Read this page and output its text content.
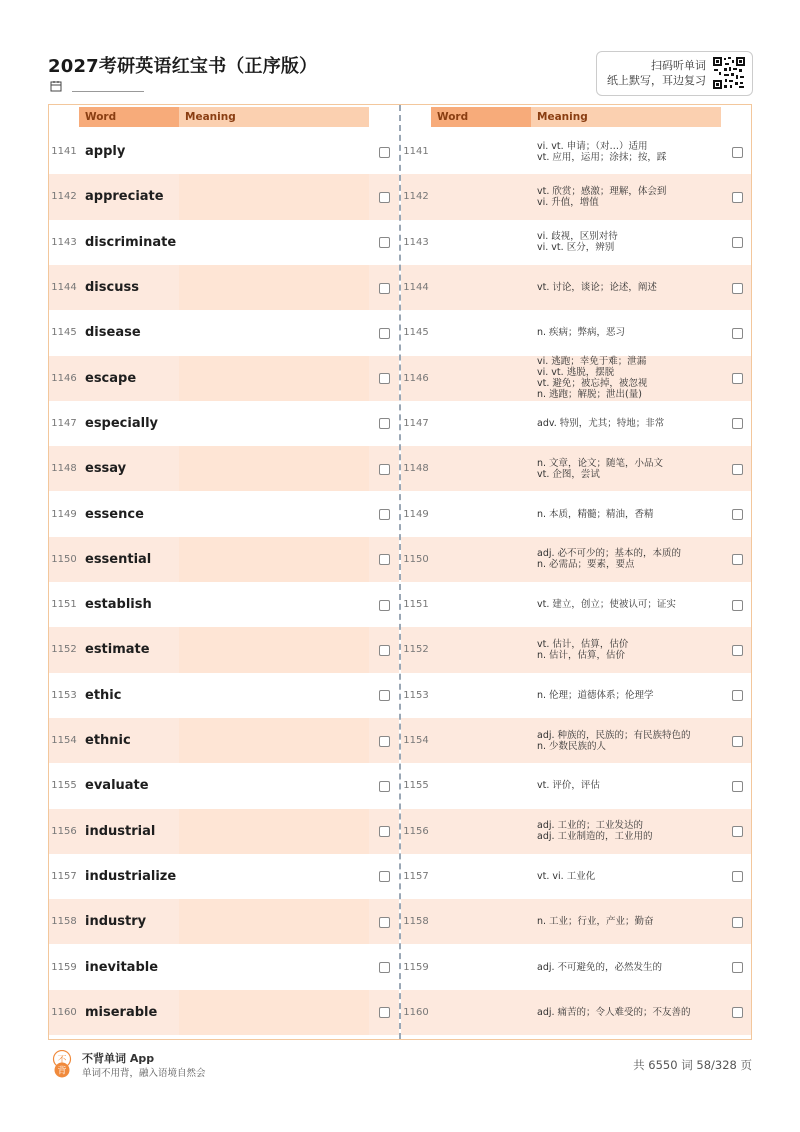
2027考研英语红宝书（正序版）	扫码听单词
纸上默写，耳边复习
Word	Meaning
1141 apply
1142 appreciate
1143 discriminate
1144 discuss
1145 disease
1146 escape
1147 especially
1148 essay
1149 essence
1150 essential
1151 establish
1152 estimate
1153 ethic
1154 ethnic
1155 evaluate
1156 industrial
1157 industrialize
1158 industry
1159 inevitable
1160 miserable
Word	Meaning
1141	vi. vt. 申请；（对…）适用
vt. 应用，运用；涂抹；按，踩
1142	vt. 欣赏；感激；理解，体会到
vi. 升值，增值
1143	vi. 歧视，区别对待
vi. vt. 区分，辨别
1144	vt. 讨论，谈论；论述，阐述
1145	n. 疾病；弊病，恶习
1146
vi. 逃跑；幸免于难；泄漏
vi. vt. 逃脱，摆脱
vt. 避免；被忘掉，被忽视
n. 逃跑；解脱；泄出(量)
1147	adv. 特别，尤其；特地；非常
1148	n. 文章，论文；随笔，小品文
vt. 企图，尝试
1149	n. 本质，精髓；精油，香精
1150	adj. 必不可少的；基本的，本质的
n. 必需品；要素，要点
1151	vt. 建立，创立；使被认可；证实
1152	vt. 估计，估算，估价
n. 估计，估算，估价
1153	n. 伦理；道德体系；伦理学
1154	adj. 种族的，民族的；有民族特色的
n. 少数民族的人
1155	vt. 评价，评估
1156	adj. 工业的；工业发达的
adj. 工业制造的，工业用的
1157	vt. vi. 工业化
1158	n. 工业；行业，产业；勤奋
1159	adj. 不可避免的，必然发生的
1160	adj. 痛苦的；令人难受的；不友善的
不
背
不背单词 App
单词不用背，融入语境自然会
共 6550 词 58/328 页
